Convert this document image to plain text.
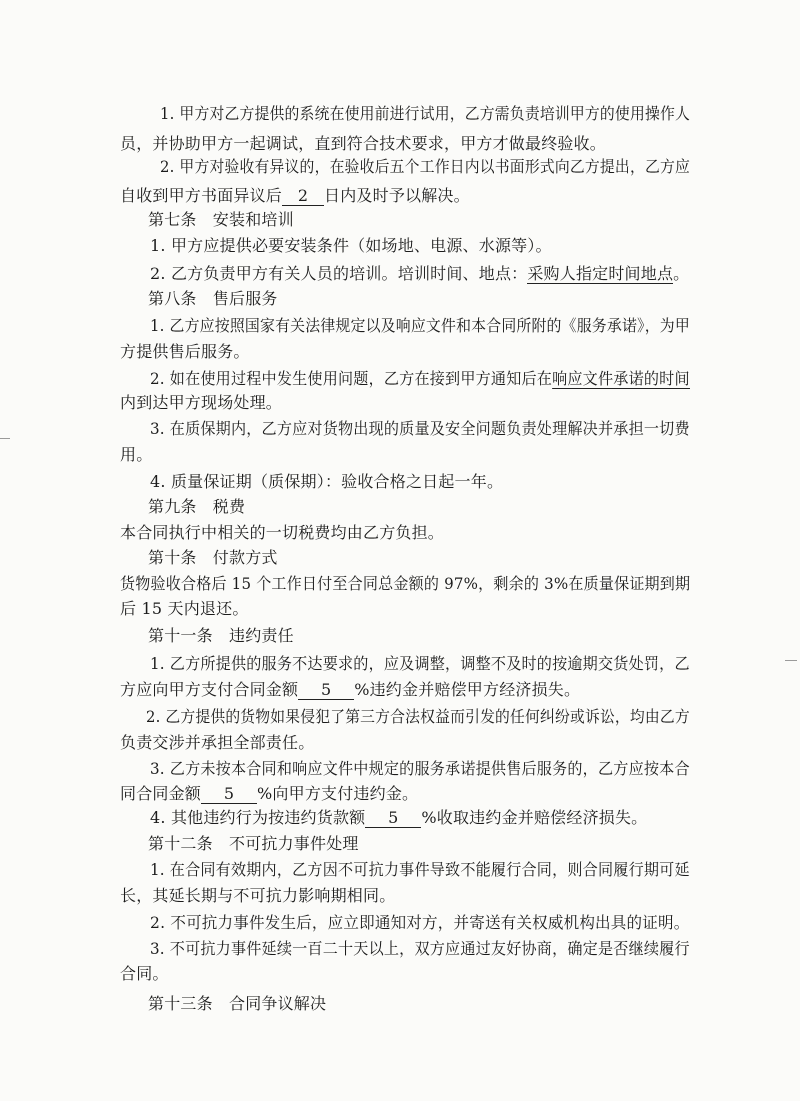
1. 甲方对乙方提供的系统在使用前进行试用，乙方需负责培训甲方的使用操作人
员，并协助甲方一起调试，直到符合技术要求，甲方才做最终验收。
2. 甲方对验收有异议的，在验收后五个工作日内以书面形式向乙方提出，乙方应
自收到甲方书面异议后 2 日内及时予以解决。
第七条　安装和培训
1. 甲方应提供必要安装条件（如场地、电源、水源等）。
2. 乙方负责甲方有关人员的培训。培训时间、地点：采购人指定时间地点。
第八条　售后服务
1. 乙方应按照国家有关法律规定以及响应文件和本合同所附的《服务承诺》，为甲
方提供售后服务。
2. 如在使用过程中发生使用问题，乙方在接到甲方通知后在响应文件承诺的时间
内到达甲方现场处理。
3. 在质保期内，乙方应对货物出现的质量及安全问题负责处理解决并承担一切费
用。
4. 质量保证期（质保期）：验收合格之日起一年。
第九条　税费
本合同执行中相关的一切税费均由乙方负担。
第十条　付款方式
货物验收合格后 15 个工作日付至合同总金额的 97%，剩余的 3%在质量保证期到期
后 15 天内退还。
第十一条　违约责任
1. 乙方所提供的服务不达要求的，应及调整，调整不及时的按逾期交货处罚，乙
方应向甲方支付合同金额 5 %违约金并赔偿甲方经济损失。
2. 乙方提供的货物如果侵犯了第三方合法权益而引发的任何纠纷或诉讼，均由乙方
负责交涉并承担全部责任。
3. 乙方未按本合同和响应文件中规定的服务承诺提供售后服务的，乙方应按本合
同合同金额 5 %向甲方支付违约金。
4. 其他违约行为按违约货款额 5 %收取违约金并赔偿经济损失。
第十二条　不可抗力事件处理
1. 在合同有效期内，乙方因不可抗力事件导致不能履行合同，则合同履行期可延
长，其延长期与不可抗力影响期相同。
2. 不可抗力事件发生后，应立即通知对方，并寄送有关权威机构出具的证明。
3. 不可抗力事件延续一百二十天以上，双方应通过友好协商，确定是否继续履行
合同。
第十三条　合同争议解决
